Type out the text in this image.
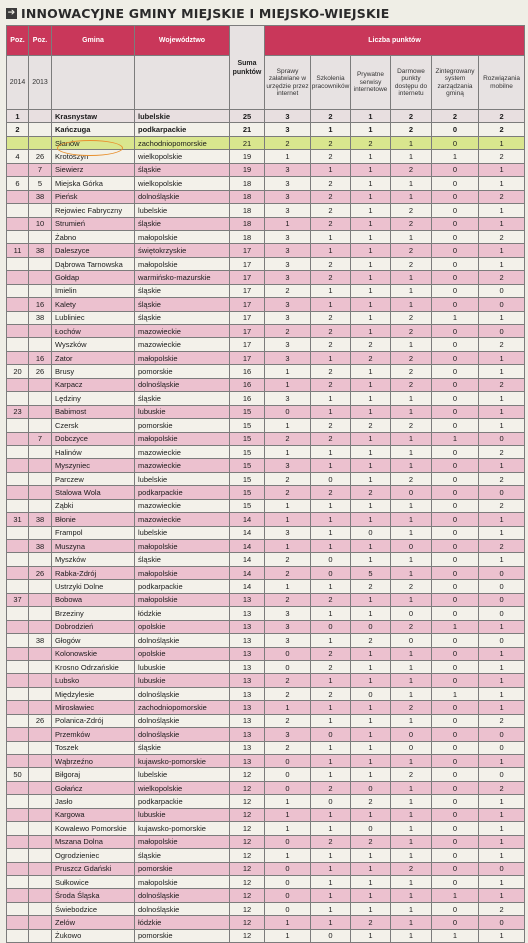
➔ INNOWACYJNE GMINY MIEJSKIE I MIEJSKO-WIEJSKIE
Poz.	Poz.	Gmina	Województwo	Suma punktów	Liczba punktów					
2014	2013				Sprawy załatwiane w urzędzie przez internet	Szkolenia pracowników	Prywatne serwisy internetowe	Darmowe punkty dostępu do internetu	Zintegrowany system zarządzania gminą	Rozwiązania mobilne
1		Krasnystaw	lubelskie	25	3	2	1	2	2	2
2		Kańczuga	podkarpackie	21	3	1	1	2	0	2
		Słanów	zachodniopomorskie	21	2	2	2	1	0	1
4	26	Krotoszyn	wielkopolskie	19	1	2	1	1	1	2
	7	Siewierz	śląskie	19	3	1	1	2	0	1
6	5	Miejska Górka	wielkopolskie	18	3	2	1	1	0	1
	38	Pieńsk	dolnośląskie	18	3	2	1	1	0	2
		Rejowiec Fabryczny	lubelskie	18	3	2	1	2	0	1
	10	Strumień	śląskie	18	1	2	1	2	0	1
		Żabno	małopolskie	18	3	1	1	1	0	2
11	38	Daleszyce	świętokrzyskie	17	3	1	1	2	0	1
		Dąbrowa Tarnowska	małopolskie	17	3	2	1	2	0	1
		Gołdap	warmińsko-mazurskie	17	3	2	1	1	0	2
		Imielin	śląskie	17	2	1	1	1	0	0
	16	Kalety	śląskie	17	3	1	1	1	0	0
	38	Lubliniec	śląskie	17	3	2	1	2	1	1
		Łochów	mazowieckie	17	2	2	1	2	0	0
		Wyszków	mazowieckie	17	3	2	2	1	0	2
	16	Zator	małopolskie	17	3	1	2	2	0	1
20	26	Brusy	pomorskie	16	1	2	1	2	0	1
		Karpacz	dolnośląskie	16	1	2	1	2	0	2
		Lędziny	śląskie	16	3	1	1	1	0	1
23		Babimost	lubuskie	15	0	1	1	1	0	1
		Czersk	pomorskie	15	1	2	2	2	0	1
	7	Dobczyce	małopolskie	15	2	2	1	1	1	0
		Halinów	mazowieckie	15	1	1	1	1	0	2
		Myszyniec	mazowieckie	15	3	1	1	1	0	1
		Parczew	lubelskie	15	2	0	1	2	0	2
		Stalowa Wola	podkarpackie	15	2	2	2	0	0	0
		Ząbki	mazowieckie	15	1	1	1	1	0	2
31	38	Błonie	mazowieckie	14	1	1	1	1	0	1
		Frampol	lubelskie	14	3	1	0	1	0	1
	38	Muszyna	małopolskie	14	1	1	1	0	0	2
		Myszków	śląskie	14	2	0	1	1	0	1
	26	Rabka-Zdrój	małopolskie	14	2	0	5	1	0	0
		Ustrzyki Dolne	podkarpackie	14	1	1	2	2	0	0
37		Bobowa	małopolskie	13	2	2	1	1	0	0
		Brzeziny	łódzkie	13	3	1	1	0	0	0
		Dobrodzień	opolskie	13	3	0	0	2	1	1
	38	Głogów	dolnośląskie	13	3	1	2	0	0	0
		Kolonowskie	opolskie	13	0	2	1	1	0	1
		Krosno Odrzańskie	lubuskie	13	0	2	1	1	0	1
		Lubsko	lubuskie	13	2	1	1	1	0	1
		Międzylesie	dolnośląskie	13	2	2	0	1	1	1
		Mirosławiec	zachodniopomorskie	13	1	1	1	2	0	1
	26	Polanica-Zdrój	dolnośląskie	13	2	1	1	1	0	2
		Przemków	dolnośląskie	13	3	0	1	0	0	0
		Toszek	śląskie	13	2	1	1	0	0	0
		Wąbrzeźno	kujawsko-pomorskie	13	0	1	1	1	0	1
50		Biłgoraj	lubelskie	12	0	1	1	2	0	0
		Gołańcz	wielkopolskie	12	0	2	0	1	0	2
		Jasło	podkarpackie	12	1	0	2	1	0	1
		Kargowa	lubuskie	12	1	1	1	1	0	1
		Kowalewo Pomorskie	kujawsko-pomorskie	12	1	1	0	1	0	1
		Mszana Dolna	małopolskie	12	0	2	2	1	0	1
		Ogrodzieniec	śląskie	12	1	1	1	1	0	1
		Pruszcz Gdański	pomorskie	12	0	1	1	2	0	0
		Sułkowice	małopolskie	12	0	1	1	1	0	1
		Środa Śląska	dolnośląskie	12	0	1	1	1	1	1
		Świebodzice	dolnośląskie	12	0	1	1	1	0	2
		Zelów	łódzkie	12	1	1	2	1	0	0
		Żukowo	pomorskie	12	1	0	1	1	1	1
